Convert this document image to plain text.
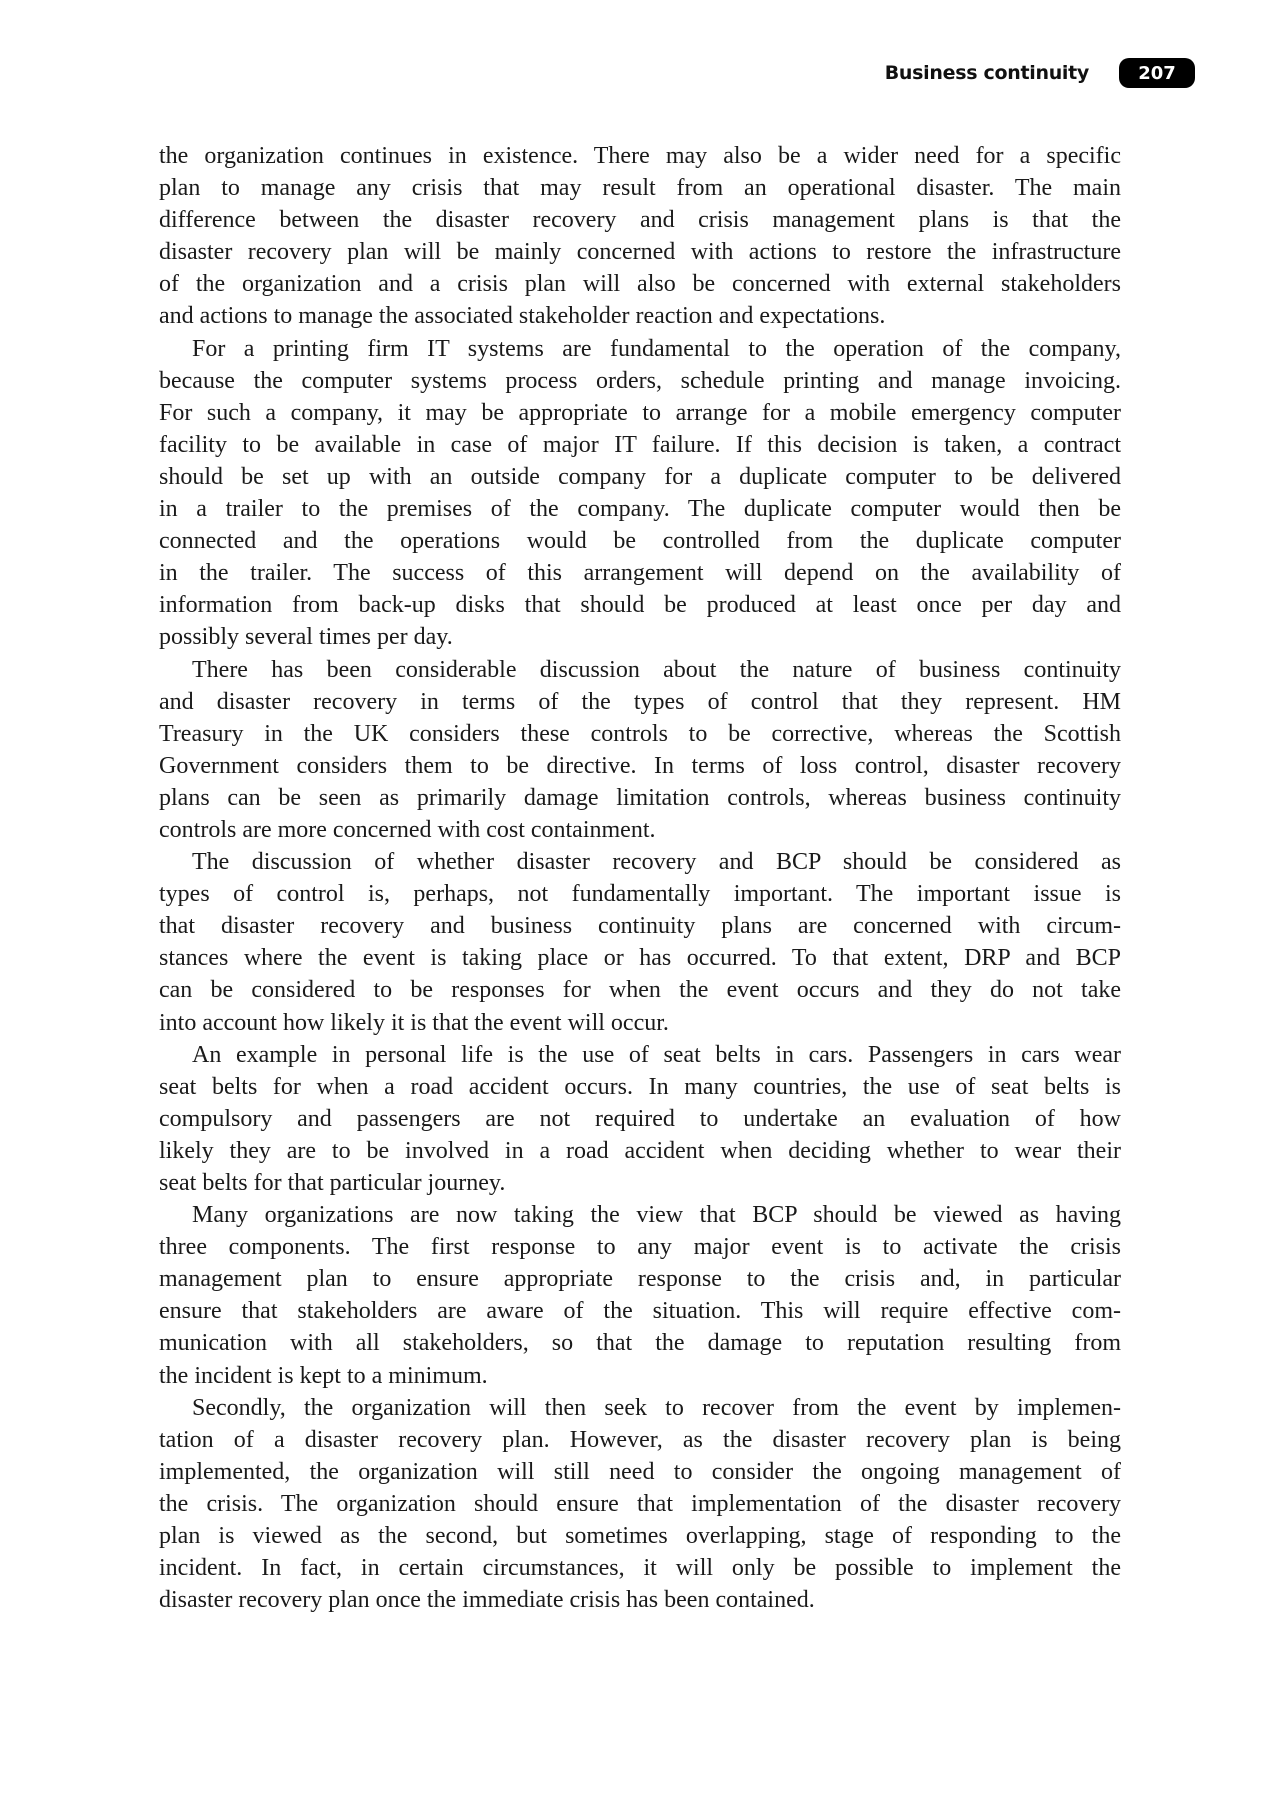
Business continuity	207
the organization continues in existence. There may also be a wider need for a specific
plan to manage any crisis that may result from an operational disaster. The main
difference between the disaster recovery and crisis management plans is that the
disaster recovery plan will be mainly concerned with actions to restore the infrastructure
of the organization and a crisis plan will also be concerned with external stakeholders
and actions to manage the associated stakeholder reaction and expectations.
For a printing firm IT systems are fundamental to the operation of the company,
because the computer systems process orders, schedule printing and manage invoicing.
For such a company, it may be appropriate to arrange for a mobile emergency computer
facility to be available in case of major IT failure. If this decision is taken, a contract
should be set up with an outside company for a duplicate computer to be delivered
in a trailer to the premises of the company. The duplicate computer would then be
connected and the operations would be controlled from the duplicate computer
in the trailer. The success of this arrangement will depend on the availability of
information from back-up disks that should be produced at least once per day and
possibly several times per day.
There has been considerable discussion about the nature of business continuity
and disaster recovery in terms of the types of control that they represent. HM
Treasury in the UK considers these controls to be corrective, whereas the Scottish
Government considers them to be directive. In terms of loss control, disaster recovery
plans can be seen as primarily damage limitation controls, whereas business continuity
controls are more concerned with cost containment.
The discussion of whether disaster recovery and BCP should be considered as
types of control is, perhaps, not fundamentally important. The important issue is
that disaster recovery and business continuity plans are concerned with circum-
stances where the event is taking place or has occurred. To that extent, DRP and BCP
can be considered to be responses for when the event occurs and they do not take
into account how likely it is that the event will occur.
An example in personal life is the use of seat belts in cars. Passengers in cars wear
seat belts for when a road accident occurs. In many countries, the use of seat belts is
compulsory and passengers are not required to undertake an evaluation of how
likely they are to be involved in a road accident when deciding whether to wear their
seat belts for that particular journey.
Many organizations are now taking the view that BCP should be viewed as having
three components. The first response to any major event is to activate the crisis
management plan to ensure appropriate response to the crisis and, in particular
ensure that stakeholders are aware of the situation. This will require effective com-
munication with all stakeholders, so that the damage to reputation resulting from
the incident is kept to a minimum.
Secondly, the organization will then seek to recover from the event by implemen-
tation of a disaster recovery plan. However, as the disaster recovery plan is being
implemented, the organization will still need to consider the ongoing management of
the crisis. The organization should ensure that implementation of the disaster recovery
plan is viewed as the second, but sometimes overlapping, stage of responding to the
incident. In fact, in certain circumstances, it will only be possible to implement the
disaster recovery plan once the immediate crisis has been contained.
